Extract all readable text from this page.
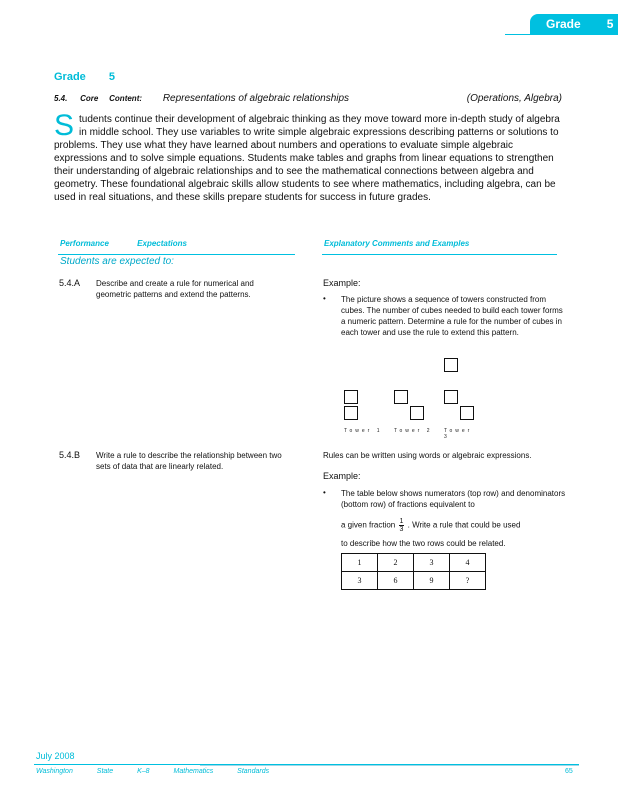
Grade 5
Grade 5
5.4. Core Content: Representations of algebraic relationships	(Operations, Algebra)
S tudents continue their development of algebraic thinking as they move toward more in-depth study of algebra in middle school. They use variables to write simple algebraic expressions describing patterns or solutions to problems. They use what they have learned about numbers and operations to evaluate simple algebraic expressions and to solve simple equations. Students make tables and graphs from linear equations to strengthen their understanding of algebraic relationships and to see the mathematical connections between algebra and geometry. These foundational algebraic skills allow students to see where mathematics, including algebra, can be used in real situations, and these skills prepare students for success in future grades.
Performance	Expectations	Explanatory Comments and Examples
Students are expected to:
5.4.A Describe and create a rule for numerical and geometric patterns and extend the patterns.
Example:
• The picture shows a sequence of towers constructed from cubes. The number of cubes needed to build each tower forms a numeric pattern. Determine a rule for the number of cubes in each tower and use the rule to extend this pattern.
Tower 1 Tower 2 Tower 3
5.4.B Write a rule to describe the relationship between two sets of data that are linearly related.
Rules can be written using words or algebraic expressions.
Example:
• The table below shows numerators (top row) and denominators (bottom row) of fractions equivalent to
a given fraction $\frac{1}{3}$ . Write a rule that could be used
to describe how the two rows could be related.
1	2	3	4
3	6	9	?
July 2008
Washington	State	K–8	Mathematics	Standards	65
